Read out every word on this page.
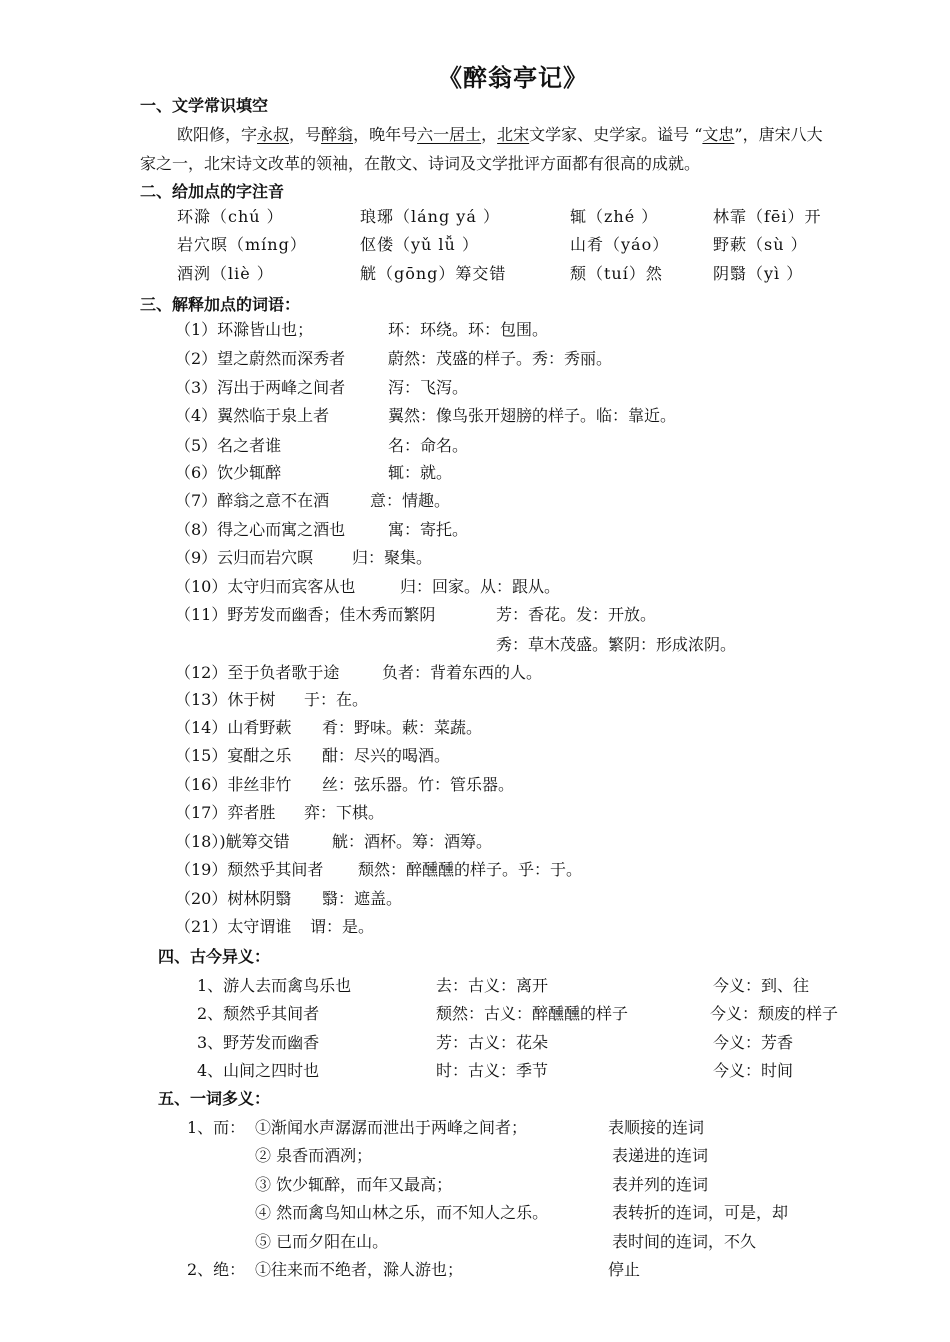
《醉翁亭记》
一、文学常识填空
欧阳修，字永叔，号醉翁，晚年号六一居士，北宋文学家、史学家。谥号 “文忠”，唐宋八大
家之一，北宋诗文改革的领袖，在散文、诗词及文学批评方面都有很高的成就。
二、给加点的字注音
环滁（chú ）	琅琊（láng yá ）	辄（zhé ）	林霏（fēi）开
岩穴暝（míng）	伛偻（yǔ lǚ ）	山肴（yáo）	野蔌（sù ）
酒洌（liè ）	觥（gōng）筹交错	颓（tuí）然	阴翳（yì ）
三、解释加点的词语：
（1）环滁皆山也；	环：环绕。环：包围。
（2）望之蔚然而深秀者	蔚然：茂盛的样子。秀：秀丽。
（3）泻出于两峰之间者	泻：飞泻。
（4）翼然临于泉上者	翼然：像鸟张开翅膀的样子。临：靠近。
（5）名之者谁	名：命名。
（6）饮少辄醉	辄：就。
（7）醉翁之意不在酒	意：情趣。
（8）得之心而寓之酒也	寓：寄托。
（9）云归而岩穴暝 归：聚集。
（10）太守归而宾客从也	归：回家。从：跟从。
（11）野芳发而幽香；佳木秀而繁阴	芳：香花。发：开放。
秀：草木茂盛。繁阴：形成浓阴。
（12）至于负者歌于途	负者：背着东西的人。
（13）休于树 于：在。
（14）山肴野蔌 肴：野味。蔌：菜蔬。
（15）宴酣之乐 酣：尽兴的喝酒。
（16）非丝非竹 丝：弦乐器。竹：管乐器。
（17）弈者胜 弈：下棋。
（18）)觥筹交错	觥：酒杯。筹：酒筹。
（19）颓然乎其间者 颓然：醉醺醺的样子。乎：于。
（20）树林阴翳 翳：遮盖。
（21）太守谓谁 谓：是。
四、古今异义：
1、游人去而禽鸟乐也	去：古义：离开	今义：到、往
2、颓然乎其间者	颓然：古义：醉醺醺的样子	今义：颓废的样子
3、野芳发而幽香	芳：古义：花朵	今义：芳香
4、山间之四时也	时：古义：季节	今义：时间
五、一词多义：
1、而： ①渐闻水声潺潺而泄出于两峰之间者；	表顺接的连词
② 泉香而酒冽；	表递进的连词
③ 饮少辄醉，而年又最高；	表并列的连词
④ 然而禽鸟知山林之乐，而不知人之乐。	表转折的连词，可是，却
⑤ 已而夕阳在山。	表时间的连词，不久
2、绝： ①往来而不绝者，滁人游也；	停止
